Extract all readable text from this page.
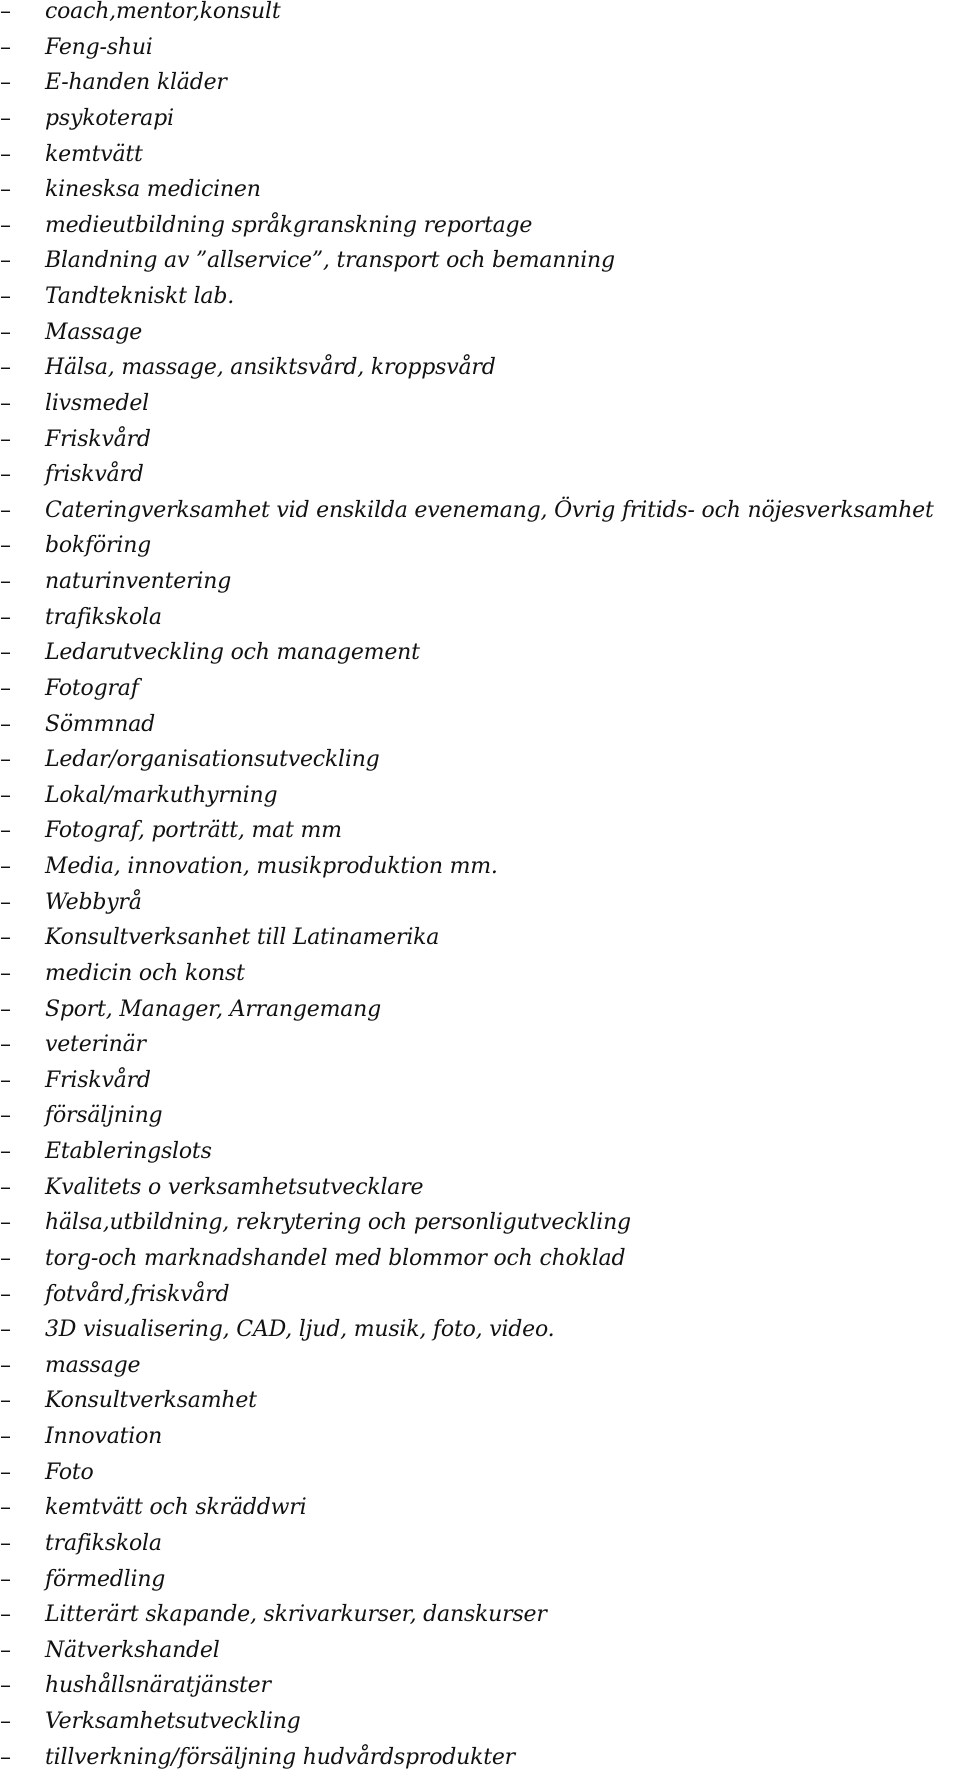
–	coach,mentor,konsult
–	Feng-shui
–	E-handen kläder
–	psykoterapi
–	kemtvätt
–	kinesksa medicinen
–	medieutbildning språkgranskning reportage
–	Blandning av ”allservice”, transport och bemanning
–	Tandtekniskt lab.
–	Massage
–	Hälsa, massage, ansiktsvård, kroppsvård
–	livsmedel
–	Friskvård
–	friskvård
–	Cateringverksamhet vid enskilda evenemang, Övrig fritids- och nöjesverksamhet
–	bokföring
–	naturinventering
–	trafikskola
–	Ledarutveckling och management
–	Fotograf
–	Sömmnad
–	Ledar/organisationsutveckling
–	Lokal/markuthyrning
–	Fotograf, porträtt, mat mm
–	Media, innovation, musikproduktion mm.
–	Webbyrå
–	Konsultverksanhet till Latinamerika
–	medicin och konst
–	Sport, Manager, Arrangemang
–	veterinär
–	Friskvård
–	försäljning
–	Etableringslots
–	Kvalitets o verksamhetsutvecklare
–	hälsa,utbildning, rekrytering och personligutveckling
–	torg-och marknadshandel med blommor och choklad
–	fotvård,friskvård
–	3D visualisering, CAD, ljud, musik, foto, video.
–	massage
–	Konsultverksamhet
–	Innovation
–	Foto
–	kemtvätt och skräddwri
–	trafikskola
–	förmedling
–	Litterärt skapande, skrivarkurser, danskurser
–	Nätverkshandel
–	hushållsnäratjänster
–	Verksamhetsutveckling
–	tillverkning/försäljning hudvårdsprodukter
